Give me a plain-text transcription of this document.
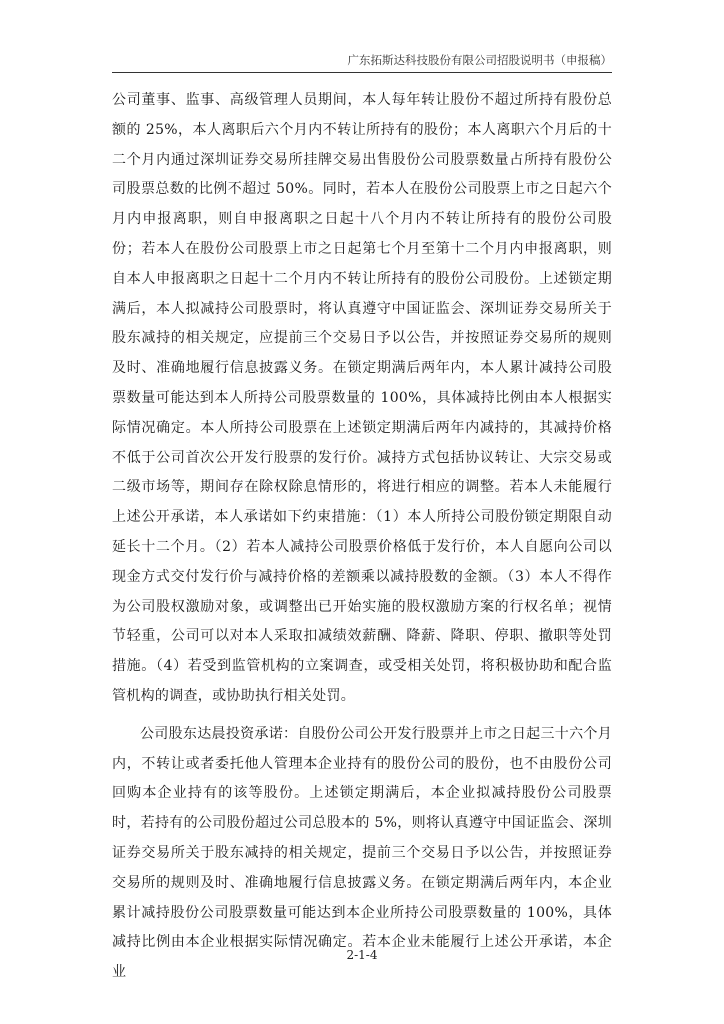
广东拓斯达科技股份有限公司招股说明书（申报稿）

公司董事、监事、高级管理人员期间，本人每年转让股份不超过所持有股份总额的 25%，本人离职后六个月内不转让所持有的股份；本人离职六个月后的十二个月内通过深圳证券交易所挂牌交易出售股份公司股票数量占所持有股份公司股票总数的比例不超过 50%。同时，若本人在股份公司股票上市之日起六个月内申报离职，则自申报离职之日起十八个月内不转让所持有的股份公司股份；若本人在股份公司股票上市之日起第七个月至第十二个月内申报离职，则自本人申报离职之日起十二个月内不转让所持有的股份公司股份。上述锁定期满后，本人拟减持公司股票时，将认真遵守中国证监会、深圳证券交易所关于股东减持的相关规定，应提前三个交易日予以公告，并按照证券交易所的规则及时、准确地履行信息披露义务。在锁定期满后两年内，本人累计减持公司股票数量可能达到本人所持公司股票数量的 100%，具体减持比例由本人根据实际情况确定。本人所持公司股票在上述锁定期满后两年内减持的，其减持价格不低于公司首次公开发行股票的发行价。减持方式包括协议转让、大宗交易或二级市场等，期间存在除权除息情形的，将进行相应的调整。若本人未能履行上述公开承诺，本人承诺如下约束措施：（1）本人所持公司股份锁定期限自动延长十二个月。（2）若本人减持公司股票价格低于发行价，本人自愿向公司以现金方式交付发行价与减持价格的差额乘以减持股数的金额。（3）本人不得作为公司股权激励对象，或调整出已开始实施的股权激励方案的行权名单；视情节轻重，公司可以对本人采取扣减绩效薪酬、降薪、降职、停职、撤职等处罚措施。（4）若受到监管机构的立案调查，或受相关处罚，将积极协助和配合监管机构的调查，或协助执行相关处罚。

公司股东达晨投资承诺：自股份公司公开发行股票并上市之日起三十六个月内，不转让或者委托他人管理本企业持有的股份公司的股份，也不由股份公司回购本企业持有的该等股份。上述锁定期满后，本企业拟减持股份公司股票时，若持有的公司股份超过公司总股本的 5%，则将认真遵守中国证监会、深圳证券交易所关于股东减持的相关规定，提前三个交易日予以公告，并按照证券交易所的规则及时、准确地履行信息披露义务。在锁定期满后两年内，本企业累计减持股份公司股票数量可能达到本企业所持公司股票数量的 100%，具体减持比例由本企业根据实际情况确定。若本企业未能履行上述公开承诺，本企业

2-1-4
